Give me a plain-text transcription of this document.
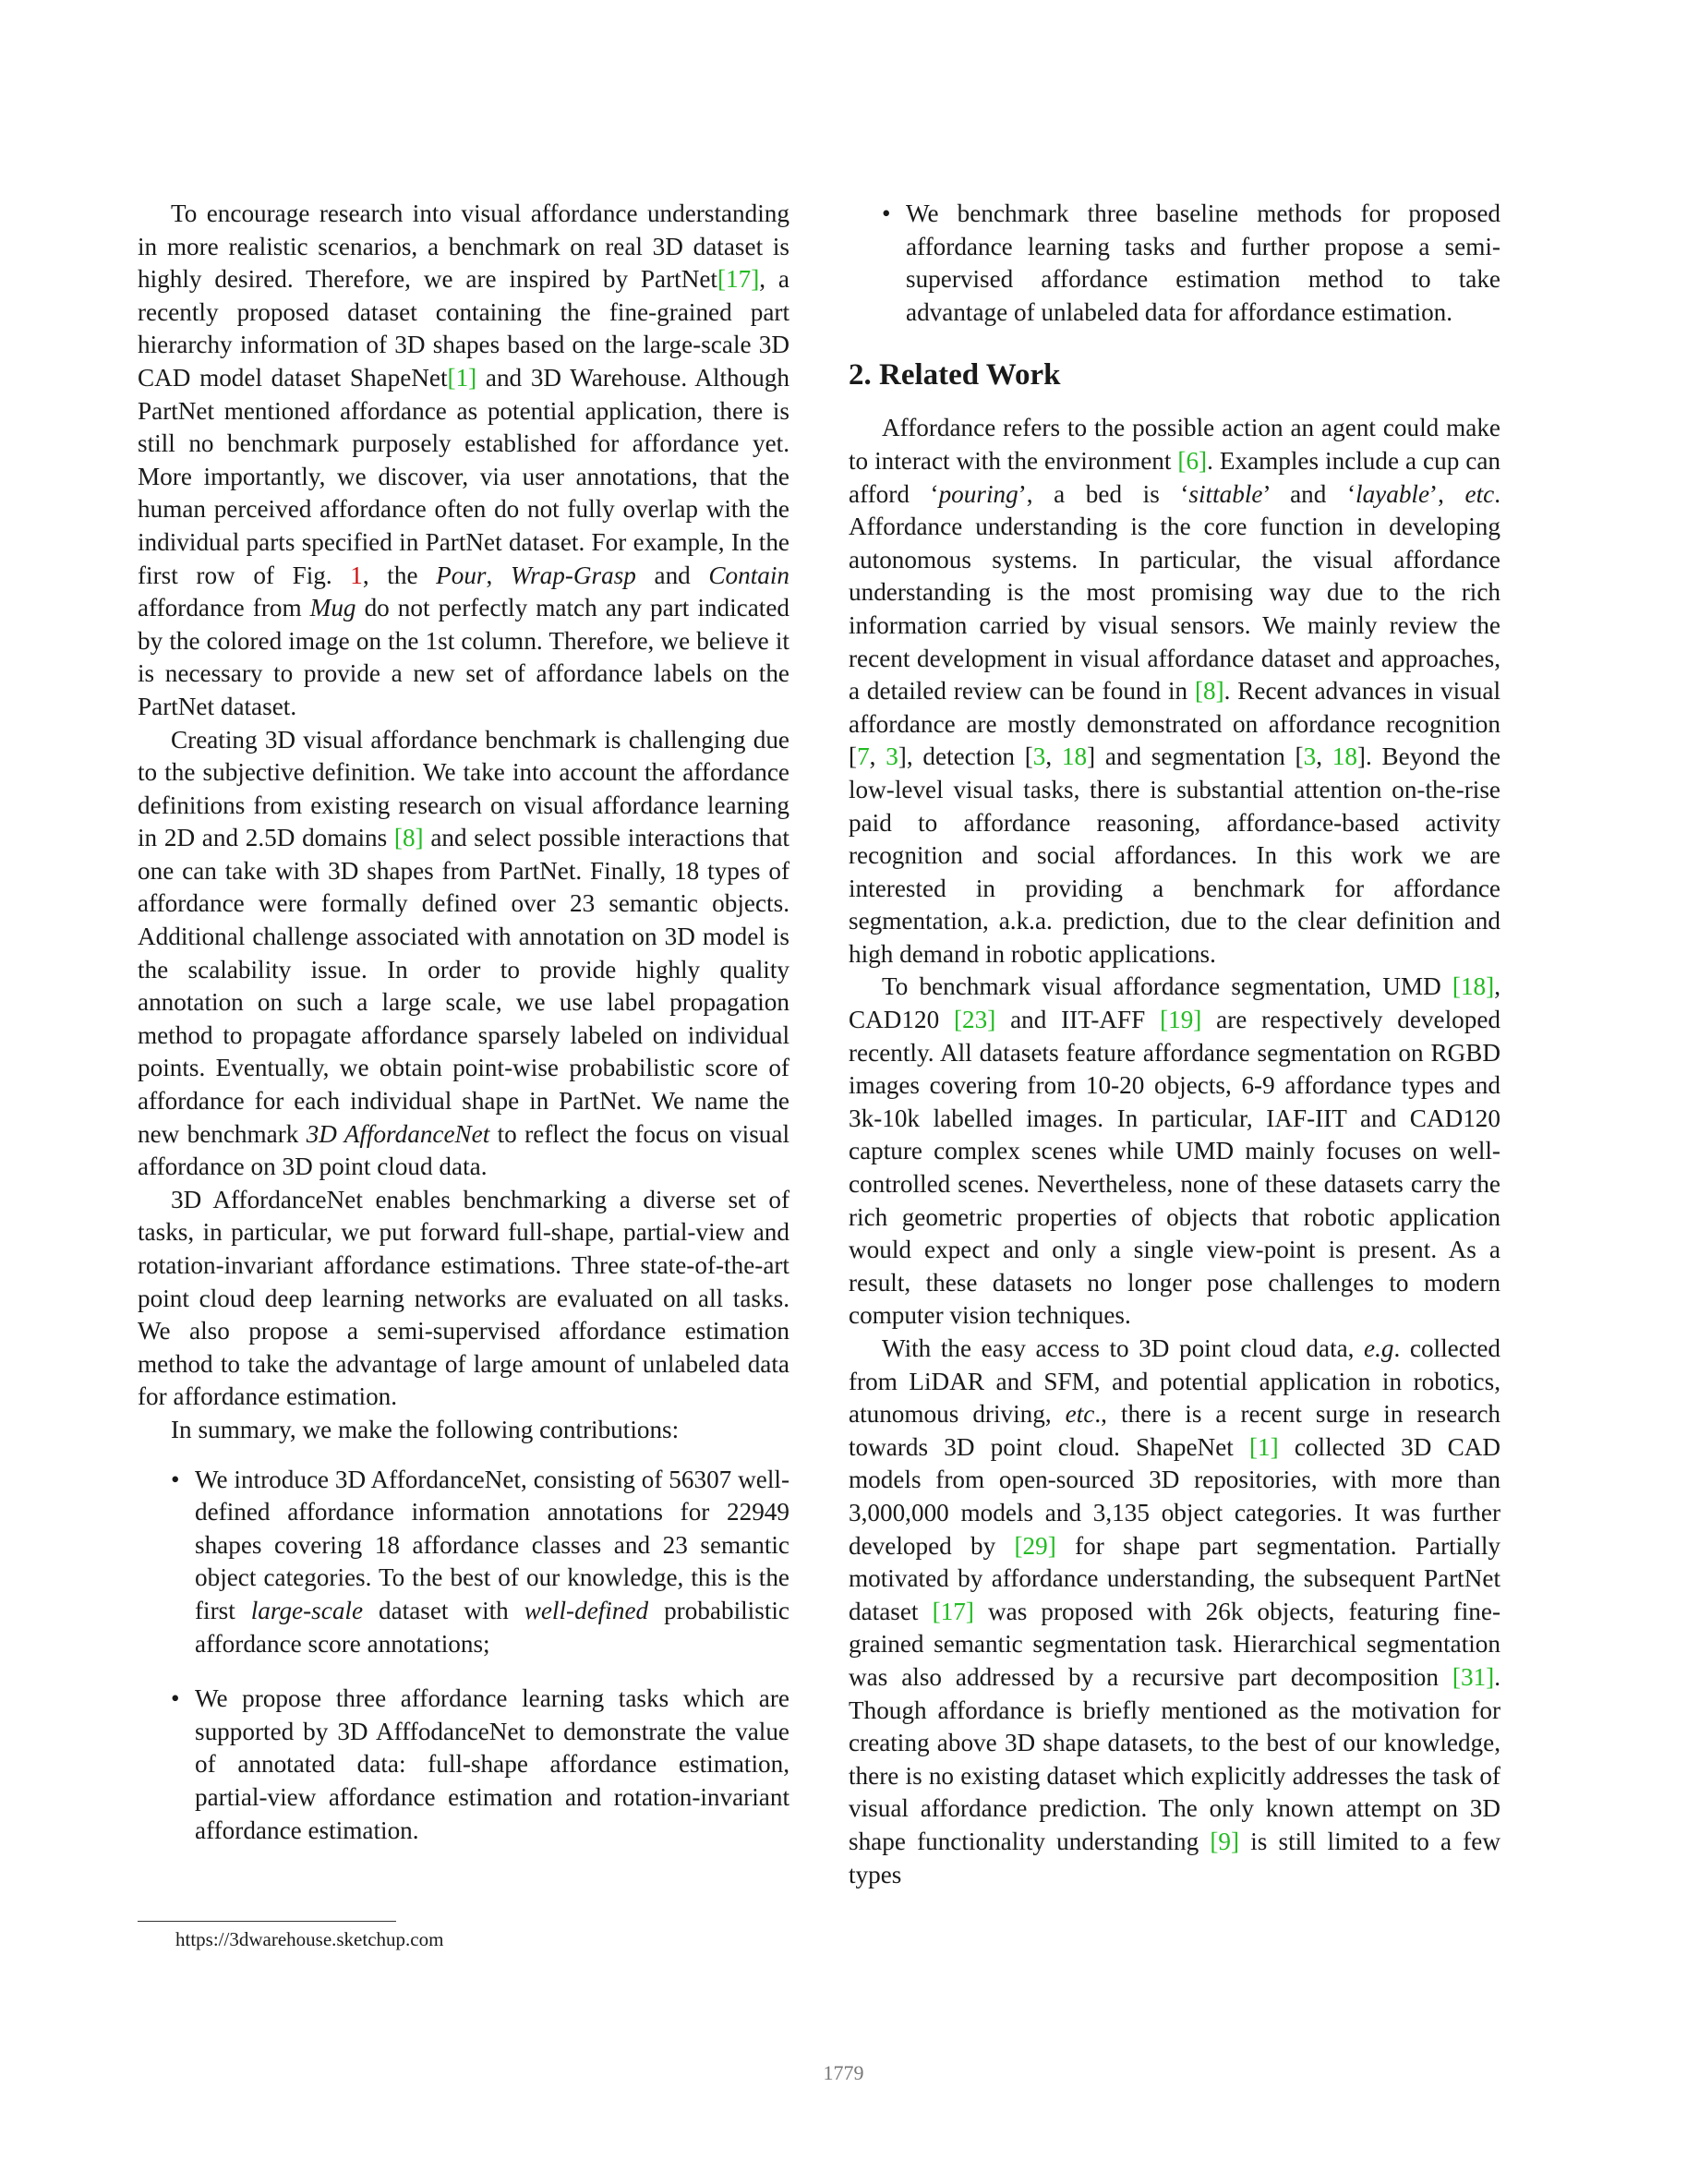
To encourage research into visual affordance understanding in more realistic scenarios, a benchmark on real 3D dataset is highly desired. Therefore, we are inspired by PartNet[17], a recently proposed dataset containing the fine-grained part hierarchy information of 3D shapes based on the large-scale 3D CAD model dataset ShapeNet[1] and 3D Warehouse. Although PartNet mentioned affordance as potential application, there is still no benchmark purposely established for affordance yet. More importantly, we discover, via user annotations, that the human perceived affordance often do not fully overlap with the individual parts specified in PartNet dataset. For example, In the first row of Fig. 1, the Pour, Wrap-Grasp and Contain affordance from Mug do not perfectly match any part indicated by the colored image on the 1st column. Therefore, we believe it is necessary to provide a new set of affordance labels on the PartNet dataset.

Creating 3D visual affordance benchmark is challenging due to the subjective definition. We take into account the affordance definitions from existing research on visual affordance learning in 2D and 2.5D domains [8] and select possible interactions that one can take with 3D shapes from PartNet. Finally, 18 types of affordance were formally defined over 23 semantic objects. Additional challenge associated with annotation on 3D model is the scalability issue. In order to provide highly quality annotation on such a large scale, we use label propagation method to propagate affordance sparsely labeled on individual points. Eventually, we obtain point-wise probabilistic score of affordance for each individual shape in PartNet. We name the new benchmark 3D AffordanceNet to reflect the focus on visual affordance on 3D point cloud data.

3D AffordanceNet enables benchmarking a diverse set of tasks, in particular, we put forward full-shape, partial-view and rotation-invariant affordance estimations. Three state-of-the-art point cloud deep learning networks are evaluated on all tasks. We also propose a semi-supervised affordance estimation method to take the advantage of large amount of unlabeled data for affordance estimation.

In summary, we make the following contributions:

• We introduce 3D AffordanceNet, consisting of 56307 well-defined affordance information annotations for 22949 shapes covering 18 affordance classes and 23 semantic object categories. To the best of our knowledge, this is the first large-scale dataset with well-defined probabilistic affordance score annotations;
• We propose three affordance learning tasks which are supported by 3D AfffodanceNet to demonstrate the value of annotated data: full-shape affordance estimation, partial-view affordance estimation and rotation-invariant affordance estimation.
https://3dwarehouse.sketchup.com
• We benchmark three baseline methods for proposed affordance learning tasks and further propose a semi-supervised affordance estimation method to take advantage of unlabeled data for affordance estimation.
2. Related Work

Affordance refers to the possible action an agent could make to interact with the environment [6]. Examples include a cup can afford ‘pouring’, a bed is ‘sittable’ and ‘layable’, etc. Affordance understanding is the core function in developing autonomous systems. In particular, the visual affordance understanding is the most promising way due to the rich information carried by visual sensors. We mainly review the recent development in visual affordance dataset and approaches, a detailed review can be found in [8]. Recent advances in visual affordance are mostly demonstrated on affordance recognition [7, 3], detection [3, 18] and segmentation [3, 18]. Beyond the low-level visual tasks, there is substantial attention on-the-rise paid to affordance reasoning, affordance-based activity recognition and social affordances. In this work we are interested in providing a benchmark for affordance segmentation, a.k.a. prediction, due to the clear definition and high demand in robotic applications.

To benchmark visual affordance segmentation, UMD [18], CAD120 [23] and IIT-AFF [19] are respectively developed recently. All datasets feature affordance segmentation on RGBD images covering from 10-20 objects, 6-9 affordance types and 3k-10k labelled images. In particular, IAF-IIT and CAD120 capture complex scenes while UMD mainly focuses on well-controlled scenes. Nevertheless, none of these datasets carry the rich geometric properties of objects that robotic application would expect and only a single view-point is present. As a result, these datasets no longer pose challenges to modern computer vision techniques.

With the easy access to 3D point cloud data, e.g. collected from LiDAR and SFM, and potential application in robotics, atunomous driving, etc., there is a recent surge in research towards 3D point cloud. ShapeNet [1] collected 3D CAD models from open-sourced 3D repositories, with more than 3,000,000 models and 3,135 object categories. It was further developed by [29] for shape part segmentation. Partially motivated by affordance understanding, the subsequent PartNet dataset [17] was proposed with 26k objects, featuring fine-grained semantic segmentation task. Hierarchical segmentation was also addressed by a recursive part decomposition [31]. Though affordance is briefly mentioned as the motivation for creating above 3D shape datasets, to the best of our knowledge, there is no existing dataset which explicitly addresses the task of visual affordance prediction. The only known attempt on 3D shape functionality understanding [9] is still limited to a few types

1779
